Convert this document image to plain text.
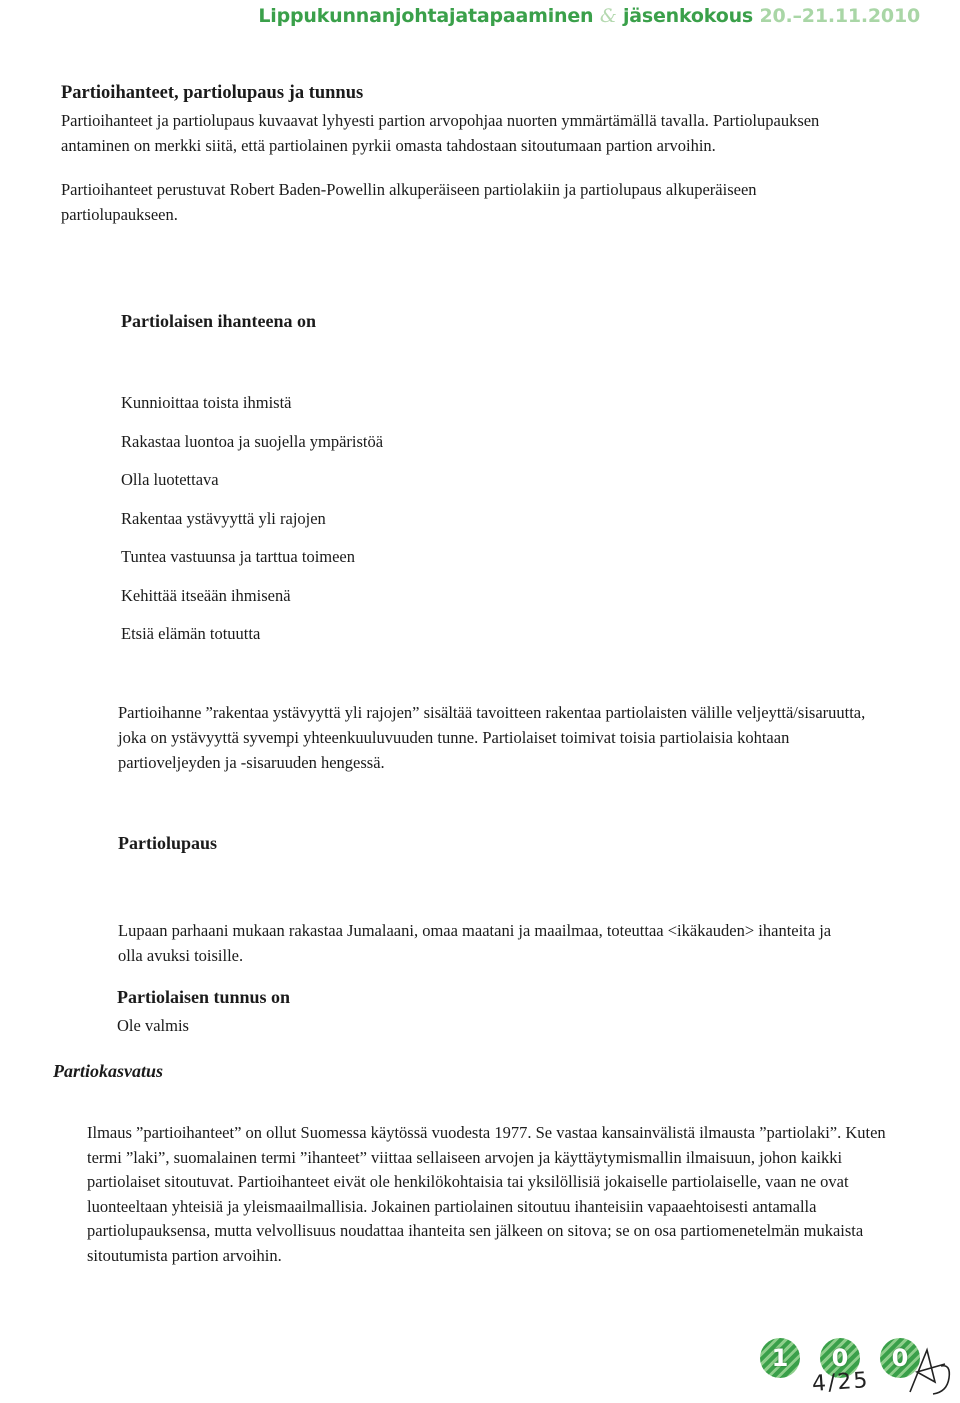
Lippukunnanjohtajatapaaminen & jäsenkokous 20.–21.11.2010
Partioihanteet, partiolupaus ja tunnus

Partioihanteet ja partiolupaus kuvaavat lyhyesti partion arvopohjaa nuorten ymmärtämällä tavalla. Partiolupauksen antaminen on merkki siitä, että partiolainen pyrkii omasta tahdostaan sitoutumaan partion arvoihin.

Partioihanteet perustuvat Robert Baden-Powellin alkuperäiseen partiolakiin ja partiolupaus alkuperäiseen partiolupaukseen.

Partiolaisen ihanteena on
Kunnioittaa toista ihmistä
Rakastaa luontoa ja suojella ympäristöä
Olla luotettava
Rakentaa ystävyyttä yli rajojen
Tuntea vastuunsa ja tarttua toimeen
Kehittää itseään ihmisenä
Etsiä elämän totuutta
Partioihanne ”rakentaa ystävyyttä yli rajojen” sisältää tavoitteen rakentaa partiolaisten välille veljeyttä/sisaruutta, joka on ystävyyttä syvempi yhteenkuuluvuuden tunne. Partiolaiset toimivat toisia partiolaisia kohtaan partioveljeyden ja -sisaruuden hengessä.
Partiolupaus
Lupaan parhaani mukaan rakastaa Jumalaani, omaa maatani ja maailmaa, toteuttaa <ikäkauden> ihanteita ja olla avuksi toisille.
Partiolaisen tunnus on
Ole valmis
Partiokasvatus
Ilmaus ”partioihanteet” on ollut Suomessa käytössä vuodesta 1977. Se vastaa kansainvälistä ilmausta ”partiolaki”. Kuten termi ”laki”, suomalainen termi ”ihanteet” viittaa sellaiseen arvojen ja käyttäytymismallin ilmaisuun, johon kaikki partiolaiset sitoutuvat. Partioihanteet eivät ole henkilökohtaisia tai yksilöllisiä jokaiselle partiolaiselle, vaan ne ovat luonteeltaan yhteisiä ja yleismaailmallisia. Jokainen partiolainen sitoutuu ihanteisiin vapaaehtoisesti antamalla partiolupauksensa, mutta velvollisuus noudattaa ihanteita sen jälkeen on sitova; se on osa partiomenetelmän mukaista sitoutumista partion arvoihin.
1	0	0
4/25
